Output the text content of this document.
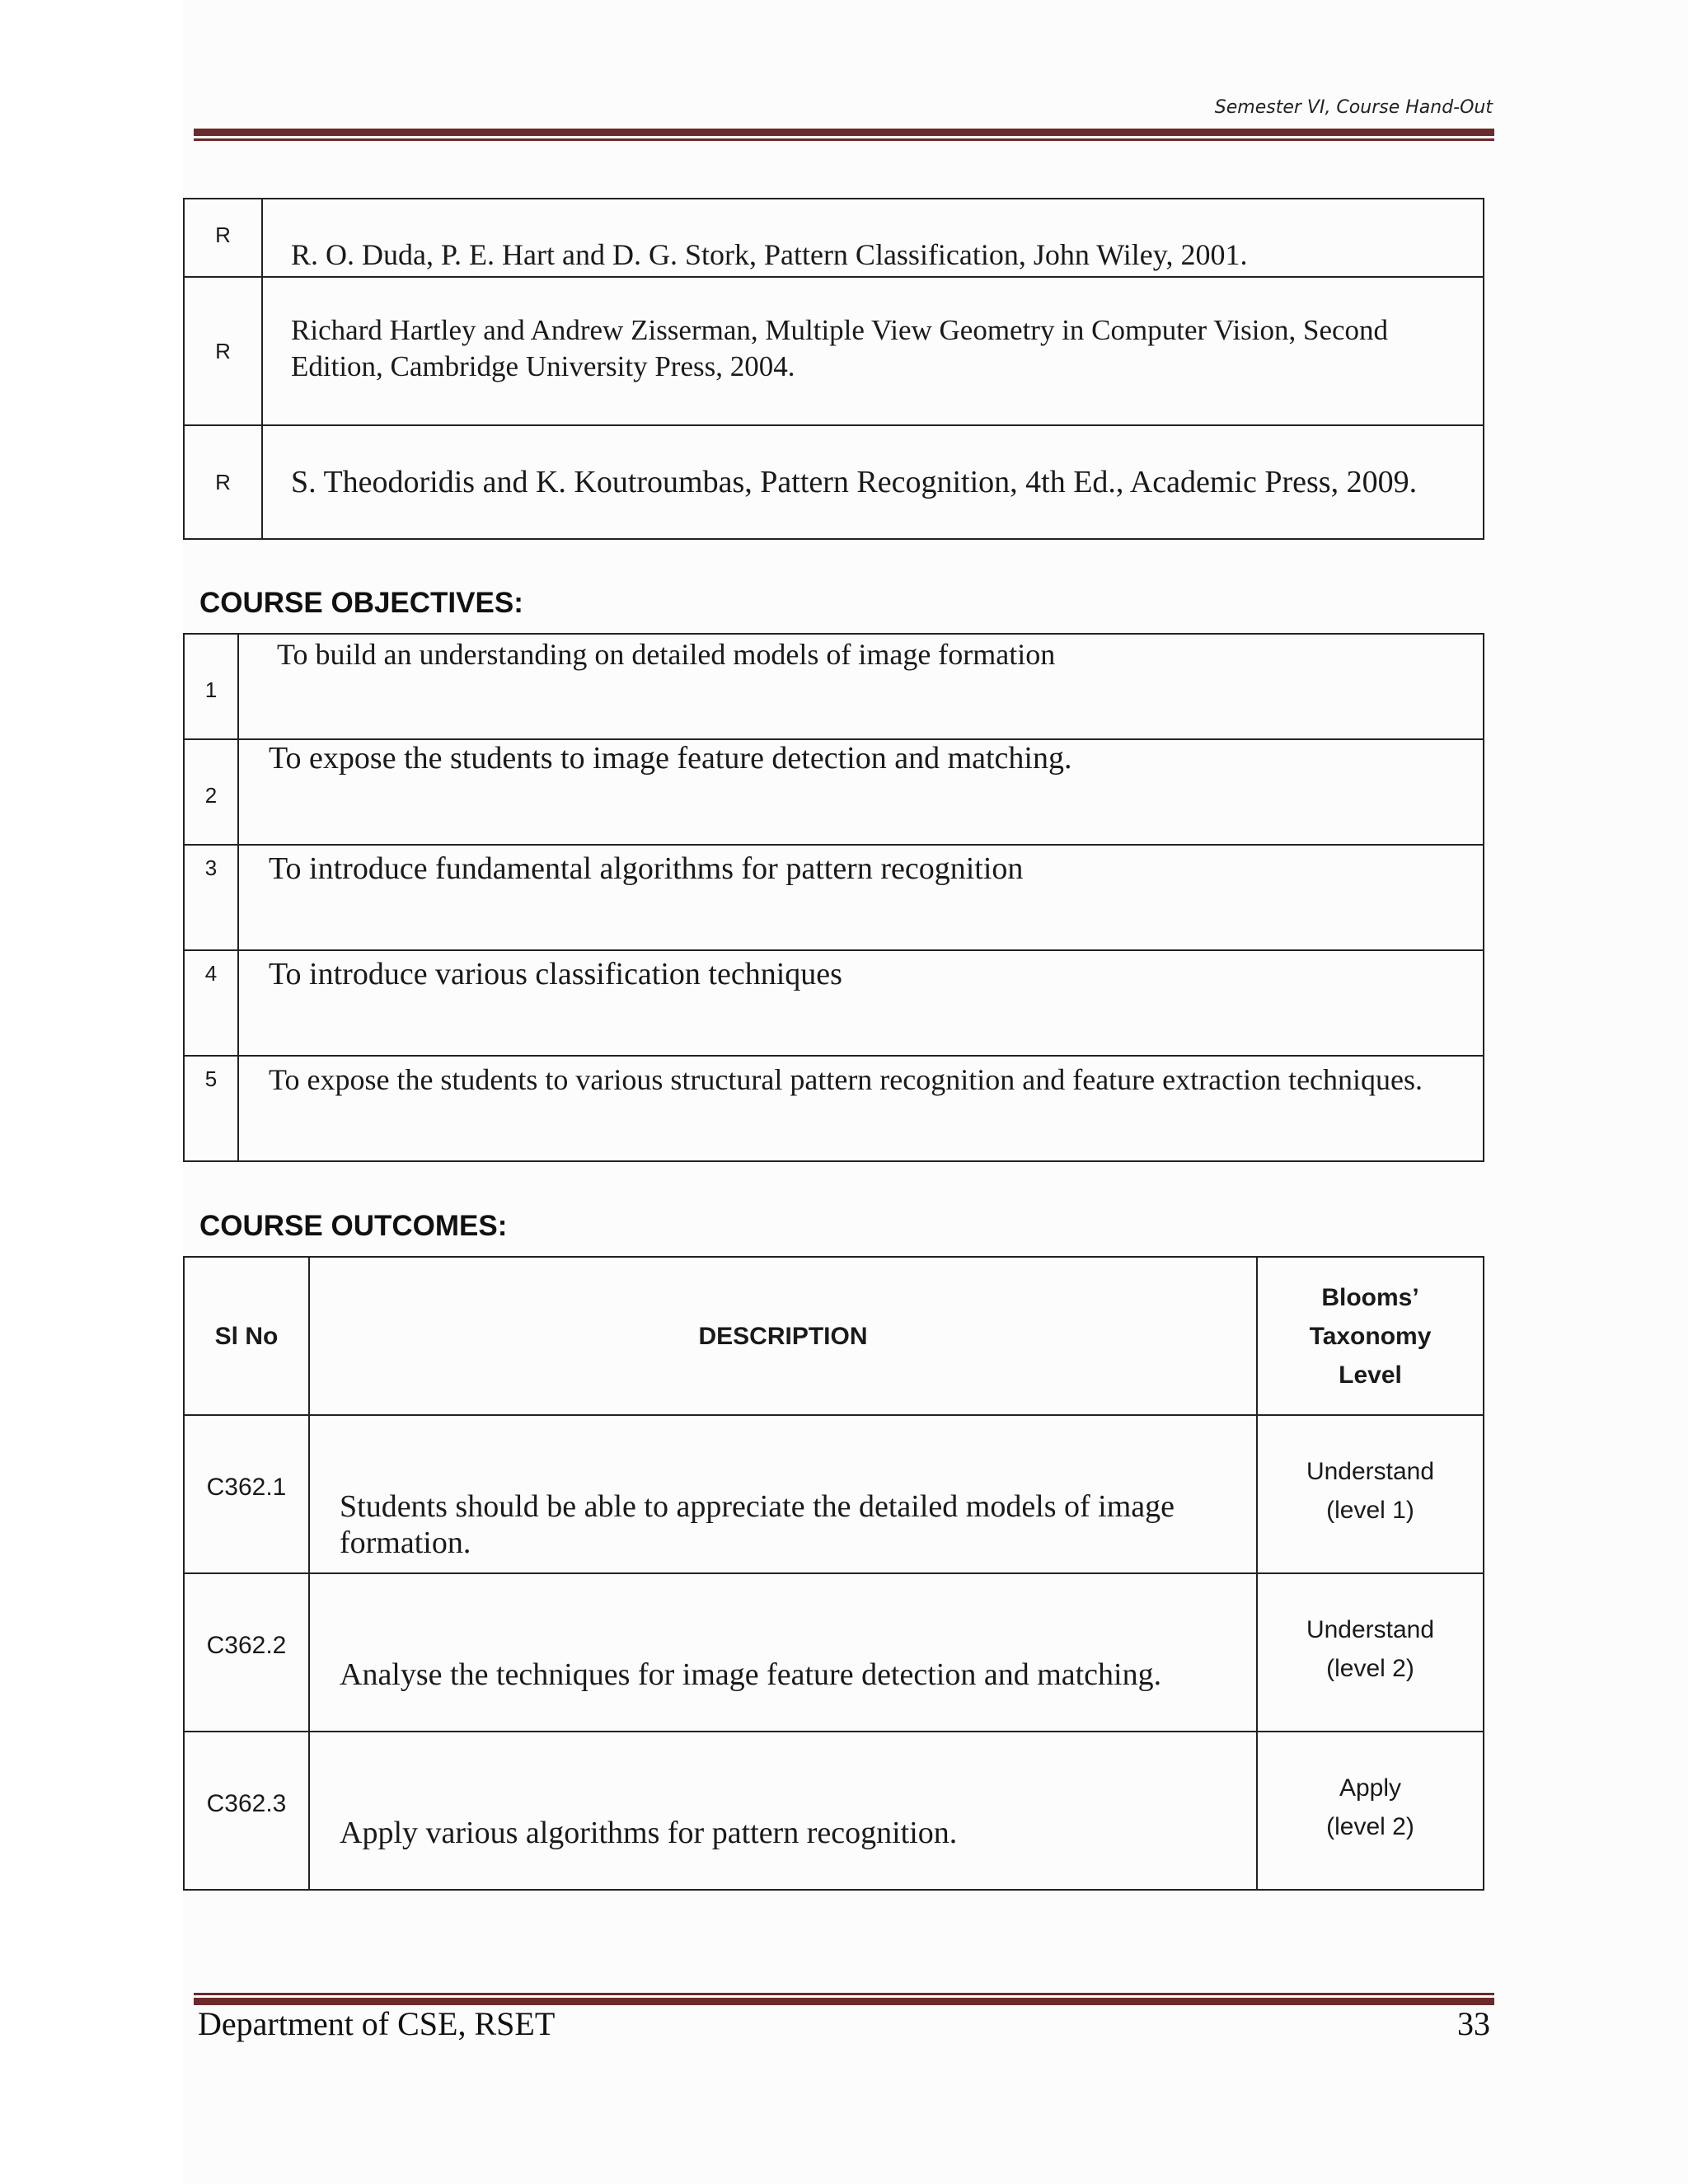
Semester VI, Course Hand-Out
R	R. O. Duda, P. E. Hart and D. G. Stork, Pattern Classification, John Wiley, 2001.
R	Richard Hartley and Andrew Zisserman, Multiple View Geometry in Computer Vision, Second Edition, Cambridge University Press, 2004.
R	S. Theodoridis and K. Koutroumbas, Pattern Recognition, 4th Ed., Academic Press, 2009.
COURSE OBJECTIVES:
1	To build an understanding on detailed models of image formation
2	To expose the students to image feature detection and matching.
3	To introduce fundamental algorithms for pattern recognition
4	To introduce various classification techniques
5	To expose the students to various structural pattern recognition and feature extraction techniques.
COURSE OUTCOMES:
Sl No	DESCRIPTION	Blooms’
Taxonomy
Level

C362.1	Students should be able to appreciate the detailed models of image formation.	Understand
(level 1)

C362.2	Analyse the techniques for image feature detection and matching.	Understand
(level 2)

C362.3	Apply various algorithms for pattern recognition.	Apply
(level 2)
Department of CSE, RSET	33
